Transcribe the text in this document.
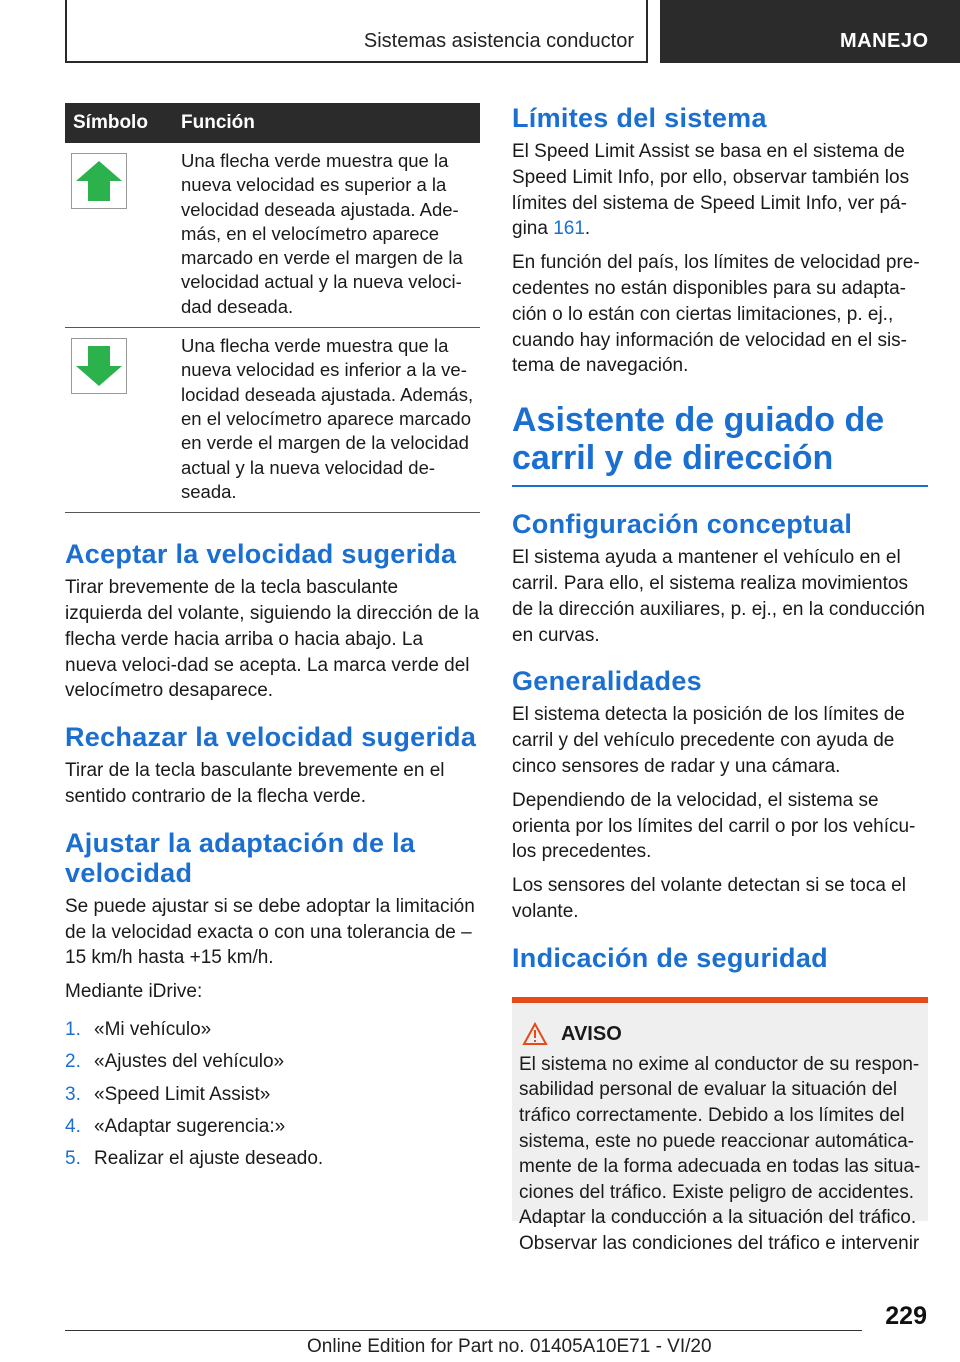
Sistemas asistencia conductor	MANEJO
Símbolo	Función

	Una flecha verde muestra que la nueva velocidad es superior a la velocidad deseada ajustada. Ade-más, en el velocímetro aparece marcado en verde el margen de la velocidad actual y la nueva veloci-dad deseada.

	Una flecha verde muestra que la nueva velocidad es inferior a la ve-locidad deseada ajustada. Además, en el velocímetro aparece marcado en verde el margen de la velocidad actual y la nueva velocidad de-seada.
Aceptar la velocidad sugerida

Tirar brevemente de la tecla basculante izquierda del volante, siguiendo la dirección de la flecha verde hacia arriba o hacia abajo. La nueva veloci-dad se acepta. La marca verde del velocímetro desaparece.

Rechazar la velocidad sugerida

Tirar de la tecla basculante brevemente en el sentido contrario de la flecha verde.

Ajustar la adaptación de la velocidad

Se puede ajustar si se debe adoptar la limitación de la velocidad exacta o con una tolerancia de –15 km/h hasta +15 km/h.

Mediante iDrive:

1. «Mi vehículo»
2. «Ajustes del vehículo»
3. «Speed Limit Assist»
4. «Adaptar sugerencia:»
5. Realizar el ajuste deseado.
Límites del sistema

El Speed Limit Assist se basa en el sistema de Speed Limit Info, por ello, observar también los límites del sistema de Speed Limit Info, ver pá-gina 161.

En función del país, los límites de velocidad pre-cedentes no están disponibles para su adapta-ción o lo están con ciertas limitaciones, p. ej., cuando hay información de velocidad en el sis-tema de navegación.

Asistente de guiado de carril y de dirección
Configuración conceptual

El sistema ayuda a mantener el vehículo en el carril. Para ello, el sistema realiza movimientos de la dirección auxiliares, p. ej., en la conducción en curvas.

Generalidades

El sistema detecta la posición de los límites de carril y del vehículo precedente con ayuda de cinco sensores de radar y una cámara.

Dependiendo de la velocidad, el sistema se orienta por los límites del carril o por los vehícu-los precedentes.

Los sensores del volante detectan si se toca el volante.

Indicación de seguridad
AVISO

El sistema no exime al conductor de su respon-sabilidad personal de evaluar la situación del tráfico correctamente. Debido a los límites del sistema, este no puede reaccionar automática-mente de la forma adecuada en todas las situa-ciones del tráfico. Existe peligro de accidentes. Adaptar la conducción a la situación del tráfico. Observar las condiciones del tráfico e intervenir

229
Online Edition for Part no. 01405A10E71 - VI/20
